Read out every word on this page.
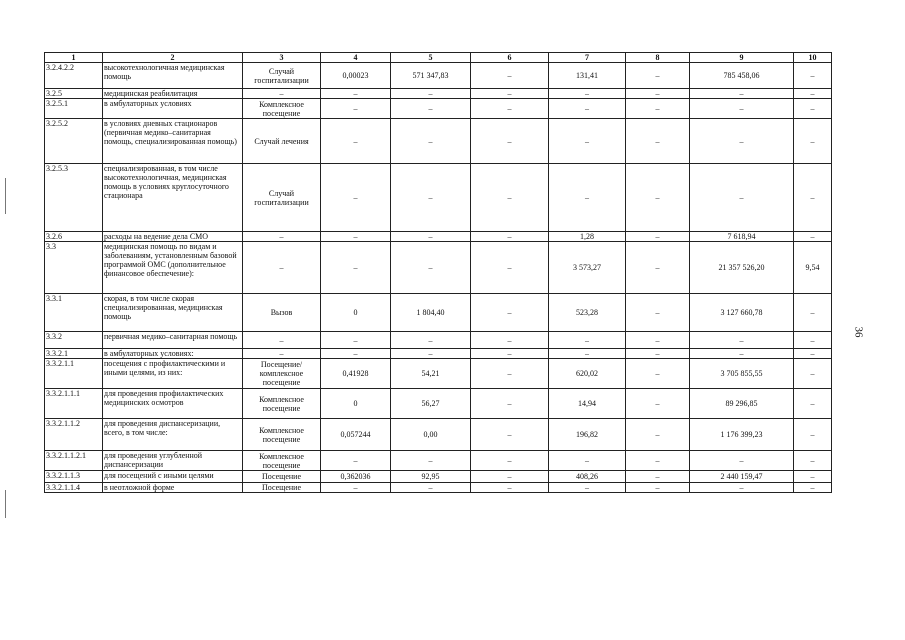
1	2	3	4	5	6	7	8	9	10
3.2.4.2.2	высокотехнологичная медицинская помощь	Случай госпитализации	0,00023	571 347,83	–	131,41	–	785 458,06	–
3.2.5	медицинская реабилитация	–	–	–	–	–	–	–	–
3.2.5.1	в амбулаторных условиях	Комплексное посещение	–	–	–	–	–	–	–
3.2.5.2	в условиях дневных стационаров (первичная медико–санитарная помощь, специализированная помощь)	Случай лечения	–	–	–	–	–	–	–
3.2.5.3	специализированная, в том числе высокотехнологичная, медицинская помощь в условиях круглосуточного стационара	Случай госпитализации	–	–	–	–	–	–	–
3.2.6	расходы на ведение дела СМО	–	–	–	–	1,28	–	7 618,94	–
3.3	медицинская помощь по видам и заболеваниям, установленным базовой программой ОМС (дополнительное финансовое обеспечение):	–	–	–	–	3 573,27	–	21 357 526,20	9,54
3.3.1	скорая, в том числе скорая специализированная, медицинская помощь	Вызов	0	1 804,40	–	523,28	–	3 127 660,78	–
3.3.2	первичная медико–санитарная помощь	–	–	–	–	–	–	–	–
3.3.2.1	в амбулаторных условиях:	–	–	–	–	–	–	–	–
3.3.2.1.1	посещения с профилактическими и иными целями, из них:	Посещение/ комплексное посещение	0,41928	54,21	–	620,02	–	3 705 855,55	–
3.3.2.1.1.1	для проведения профилактических медицинских осмотров	Комплексное посещение	0	56,27	–	14,94	–	89 296,85	–
3.3.2.1.1.2	для проведения диспансеризации, всего, в том числе:	Комплексное посещение	0,057244	0,00	–	196,82	–	1 176 399,23	–
3.3.2.1.1.2.1	для проведения углубленной диспансеризации	Комплексное посещение	–	–	–	–	–	–	–
3.3.2.1.1.3	для посещений с иными целями	Посещение	0,362036	92,95	–	408,26	–	2 440 159,47	–
3.3.2.1.1.4	в неотложной форме	Посещение	–	–	–	–	–	–	–
36
